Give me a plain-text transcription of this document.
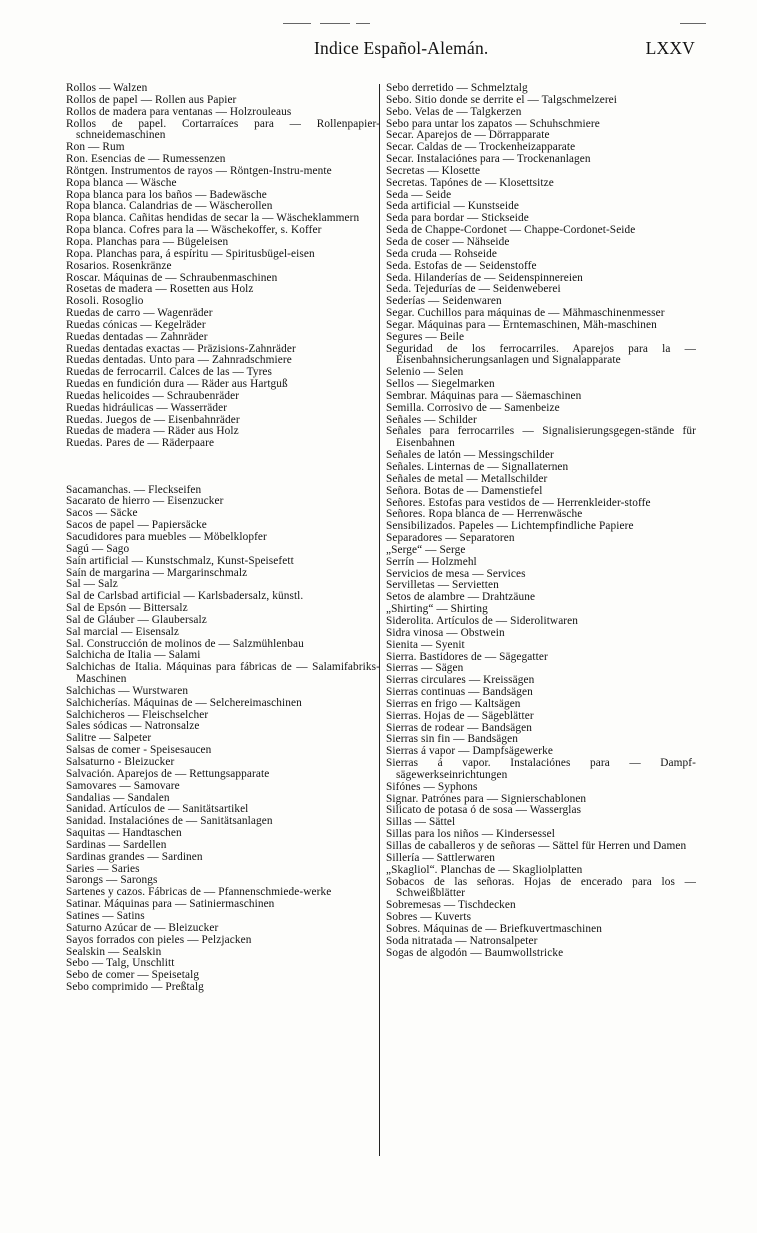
Indice Español-Alemán.	LXXV

Rollos — Walzen

Rollos de papel — Rollen aus Papier

Rollos de madera para ventanas — Holzrouleaus

Rollos de papel. Cortarraíces para — Rollenpapier-schneidemaschinen

Ron — Rum

Ron. Esencias de — Rumessenzen

Röntgen. Instrumentos de rayos — Röntgen-Instru-mente

Ropa blanca — Wäsche

Ropa blanca para los baños — Badewäsche

Ropa blanca. Calandrias de — Wäscherollen

Ropa blanca. Cañitas hendidas de secar la — Wäscheklammern

Ropa blanca. Cofres para la — Wäschekoffer, s. Koffer

Ropa. Planchas para — Bügeleisen

Ropa. Planchas para, á espíritu — Spiritusbügel-eisen

Rosarios. Rosenkränze

Roscar. Máquinas de — Schraubenmaschinen

Rosetas de madera — Rosetten aus Holz

Rosoli. Rosoglio

Ruedas de carro — Wagenräder

Ruedas cónicas — Kegelräder

Ruedas dentadas — Zahnräder

Ruedas dentadas exactas — Präzisions-Zahnräder

Ruedas dentadas. Unto para — Zahnradschmiere

Ruedas de ferrocarril. Calces de las — Tyres

Ruedas en fundición dura — Räder aus Hartguß

Ruedas helicoides — Schraubenräder

Ruedas hidráulicas — Wasserräder

Ruedas. Juegos de — Eisenbahnräder

Ruedas de madera — Räder aus Holz

Ruedas. Pares de — Räderpaare

Sacamanchas. — Fleckseifen

Sacarato de hierro — Eisenzucker

Sacos — Säcke

Sacos de papel — Papiersäcke

Sacudidores para muebles — Möbelklopfer

Sagú — Sago

Saín artificial — Kunstschmalz, Kunst-Speisefett

Saín de margarina — Margarinschmalz

Sal — Salz

Sal de Carlsbad artificial — Karlsbadersalz, künstl.

Sal de Epsón — Bittersalz

Sal de Gláuber — Glaubersalz

Sal marcial — Eisensalz

Sal. Construcción de molinos de — Salzmühlenbau

Salchicha de Italia — Salami

Salchichas de Italia. Máquinas para fábricas de — Salamifabriks-Maschinen

Salchichas — Wurstwaren

Salchicherías. Máquinas de — Selchereimaschinen

Salchicheros — Fleischselcher

Sales sódicas — Natronsalze

Salitre — Salpeter

Salsas de comer - Speisesaucen

Salsaturno - Bleizucker

Salvación. Aparejos de — Rettungsapparate

Samovares — Samovare

Sandalias — Sandalen

Sanidad. Artículos de — Sanitätsartikel

Sanidad. Instalaciónes de — Sanitätsanlagen

Saquitas — Handtaschen

Sardinas — Sardellen

Sardinas grandes — Sardinen

Saries — Saries

Sarongs — Sarongs

Sartenes y cazos. Fábricas de — Pfannenschmiede-werke

Satinar. Máquinas para — Satiniermaschinen

Satines — Satins

Saturno Azúcar de — Bleizucker

Sayos forrados con pieles — Pelzjacken

Sealskin — Sealskin

Sebo — Talg, Unschlitt

Sebo de comer — Speisetalg

Sebo comprimido — Preßtalg

Sebo derretido — Schmelztalg

Sebo. Sitio donde se derrite el — Talgschmelzerei

Sebo. Velas de — Talgkerzen

Sebo para untar los zapatos — Schuhschmiere

Secar. Aparejos de — Dörrapparate

Secar. Caldas de — Trockenheizapparate

Secar. Instalaciónes para — Trockenanlagen

Secretas — Klosette

Secretas. Tapónes de — Klosettsitze

Seda — Seide

Seda artificial — Kunstseide

Seda para bordar — Stickseide

Seda de Chappe-Cordonet — Chappe-Cordonet-Seide

Seda de coser — Nähseide

Seda cruda — Rohseide

Seda. Estofas de — Seidenstoffe

Seda. Hilanderías de — Seidenspinnereien

Seda. Tejedurías de — Seidenweberei

Sederías — Seidenwaren

Segar. Cuchillos para máquinas de — Mähmaschinenmesser

Segar. Máquinas para — Erntemaschinen, Mäh-maschinen

Segures — Beile

Seguridad de los ferrocarriles. Aparejos para la — Eisenbahnsicherungsanlagen und Signalapparate

Selenio — Selen

Sellos — Siegelmarken

Sembrar. Máquinas para — Säemaschinen

Semilla. Corrosivo de — Samenbeize

Señales — Schilder

Señales para ferrocarriles — Signalisierungsgegen-stände für Eisenbahnen

Señales de latón — Messingschilder

Señales. Linternas de — Signallaternen

Señales de metal — Metallschilder

Señora. Botas de — Damenstiefel

Señores. Estofas para vestidos de — Herrenkleider-stoffe

Señores. Ropa blanca de — Herrenwäsche

Sensibilizados. Papeles — Lichtempfindliche Papiere

Separadores — Separatoren

„Serge“ — Serge

Serrín — Holzmehl

Servicios de mesa — Services

Servilletas — Servietten

Setos de alambre — Drahtzäune

„Shirting“ — Shirting

Siderolita. Artículos de — Siderolitwaren

Sidra vinosa — Obstwein

Sienita — Syenit

Sierra. Bastidores de — Sägegatter

Sierras — Sägen

Sierras circulares — Kreissägen

Sierras continuas — Bandsägen

Sierras en frigo — Kaltsägen

Sierras. Hojas de — Sägeblätter

Sierras de rodear — Bandsägen

Sierras sin fin — Bandsägen

Sierras á vapor — Dampfsägewerke

Sierras á vapor. Instalaciónes para — Dampf-sägewerkseinrichtungen

Sifónes — Syphons

Signar. Patrónes para — Signierschablonen

Silicato de potasa ó de sosa — Wasserglas

Sillas — Sättel

Sillas para los niños — Kindersessel

Sillas de caballeros y de señoras — Sättel für Herren und Damen

Sillería — Sattlerwaren

„Skagliol“. Planchas de — Skagliolplatten

Sobacos de las señoras. Hojas de encerado para los — Schweißblätter

Sobremesas — Tischdecken

Sobres — Kuverts

Sobres. Máquinas de — Briefkuvertmaschinen

Soda nitratada — Natronsalpeter

Sogas de algodón — Baumwollstricke
